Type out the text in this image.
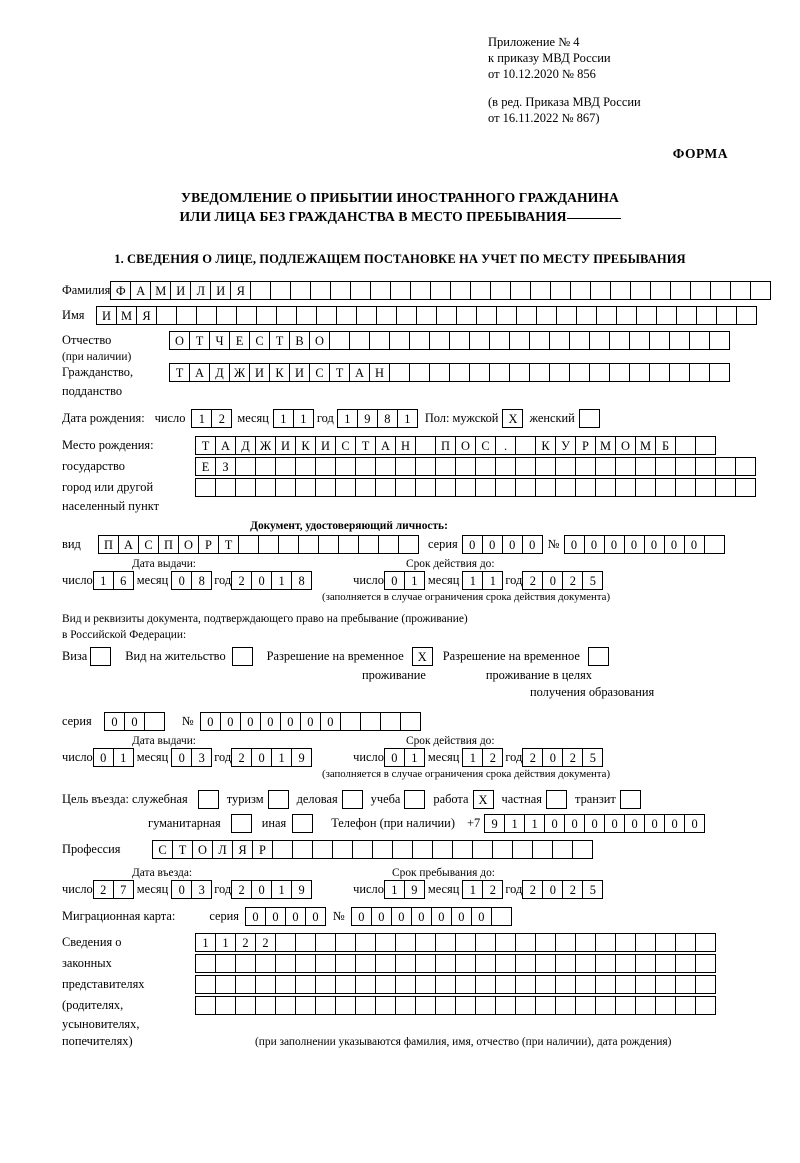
Приложение № 4
к приказу МВД России
от 10.12.2020 № 856
(в ред. Приказа МВД России
от 16.11.2022 № 867)
ФОРМА
УВЕДОМЛЕНИЕ О ПРИБЫТИИ ИНОСТРАННОГО ГРАЖДАНИНА
ИЛИ ЛИЦА БЕЗ ГРАЖДАНСТВА В МЕСТО ПРЕБЫВАНИЯ
1. СВЕДЕНИЯ О ЛИЦЕ, ПОДЛЕЖАЩЕМ ПОСТАНОВКЕ НА УЧЕТ ПО МЕСТУ ПРЕБЫВАНИЯ
Фамилия Ф А М И Л И Я
Имя	И М Я
Отчество	О Т Ч Е С Т В О
(при наличии)
Гражданство,	Т А Д Ж И К И С Т А Н
подданство
Дата рождения: число	1	2	месяц 1	1 год 1	9	8	1	Пол: мужской X женский
Место рождения:	Т А Д Ж И К И С Т А Н	П О С	.	К У Р М О М Б
государство	Е	З
город или другой
населенный пункт
Документ, удостоверяющий личность:
вид	П А С П О Р	Т	серия 0	0	0	0	№ 0	0	0	0	0	0	0
Дата выдачи:	Срок действия до:
число 1	6 месяц 0	8 год 2	0	1	8	число 0	1 месяц 1	1 год 2	0	2	5
(заполняется в случае ограничения срока действия документа)
Вид и реквизиты документа, подтверждающего право на пребывание (проживание)
в Российской Федерации:
Виза	Вид на жительство	Разрешение на временное	X	Разрешение на временное
проживание	проживание в целях
получения образования
серия	0	0	№	0	0	0	0	0	0	0
Дата выдачи:	Срок действия до:
число 0	1 месяц 0	3 год 2	0	1	9	число 0	1 месяц 1	2 год 2	0	2	5
(заполняется в случае ограничения срока действия документа)
Цель въезда: служебная	туризм	деловая	учеба	работа X	частная	транзит
гуманитарная	иная	Телефон (при наличии) +7 9	1	1	0	0	0	0	0	0	0	0
Профессия	С Т О Л Я	Р
Дата въезда:	Срок пребывания до:
число 2	7 месяц 0	3 год 2	0	1	9	число 1	9 месяц 1	2 год 2	0	2	5
Миграционная карта:	серия	0	0	0	0	№	0	0	0	0	0	0	0
Сведения о	1	1	2	2
законных
представителях
(родителях,
усыновителях,
попечителях)	(при заполнении указываются фамилия, имя, отчество (при наличии), дата рождения)
